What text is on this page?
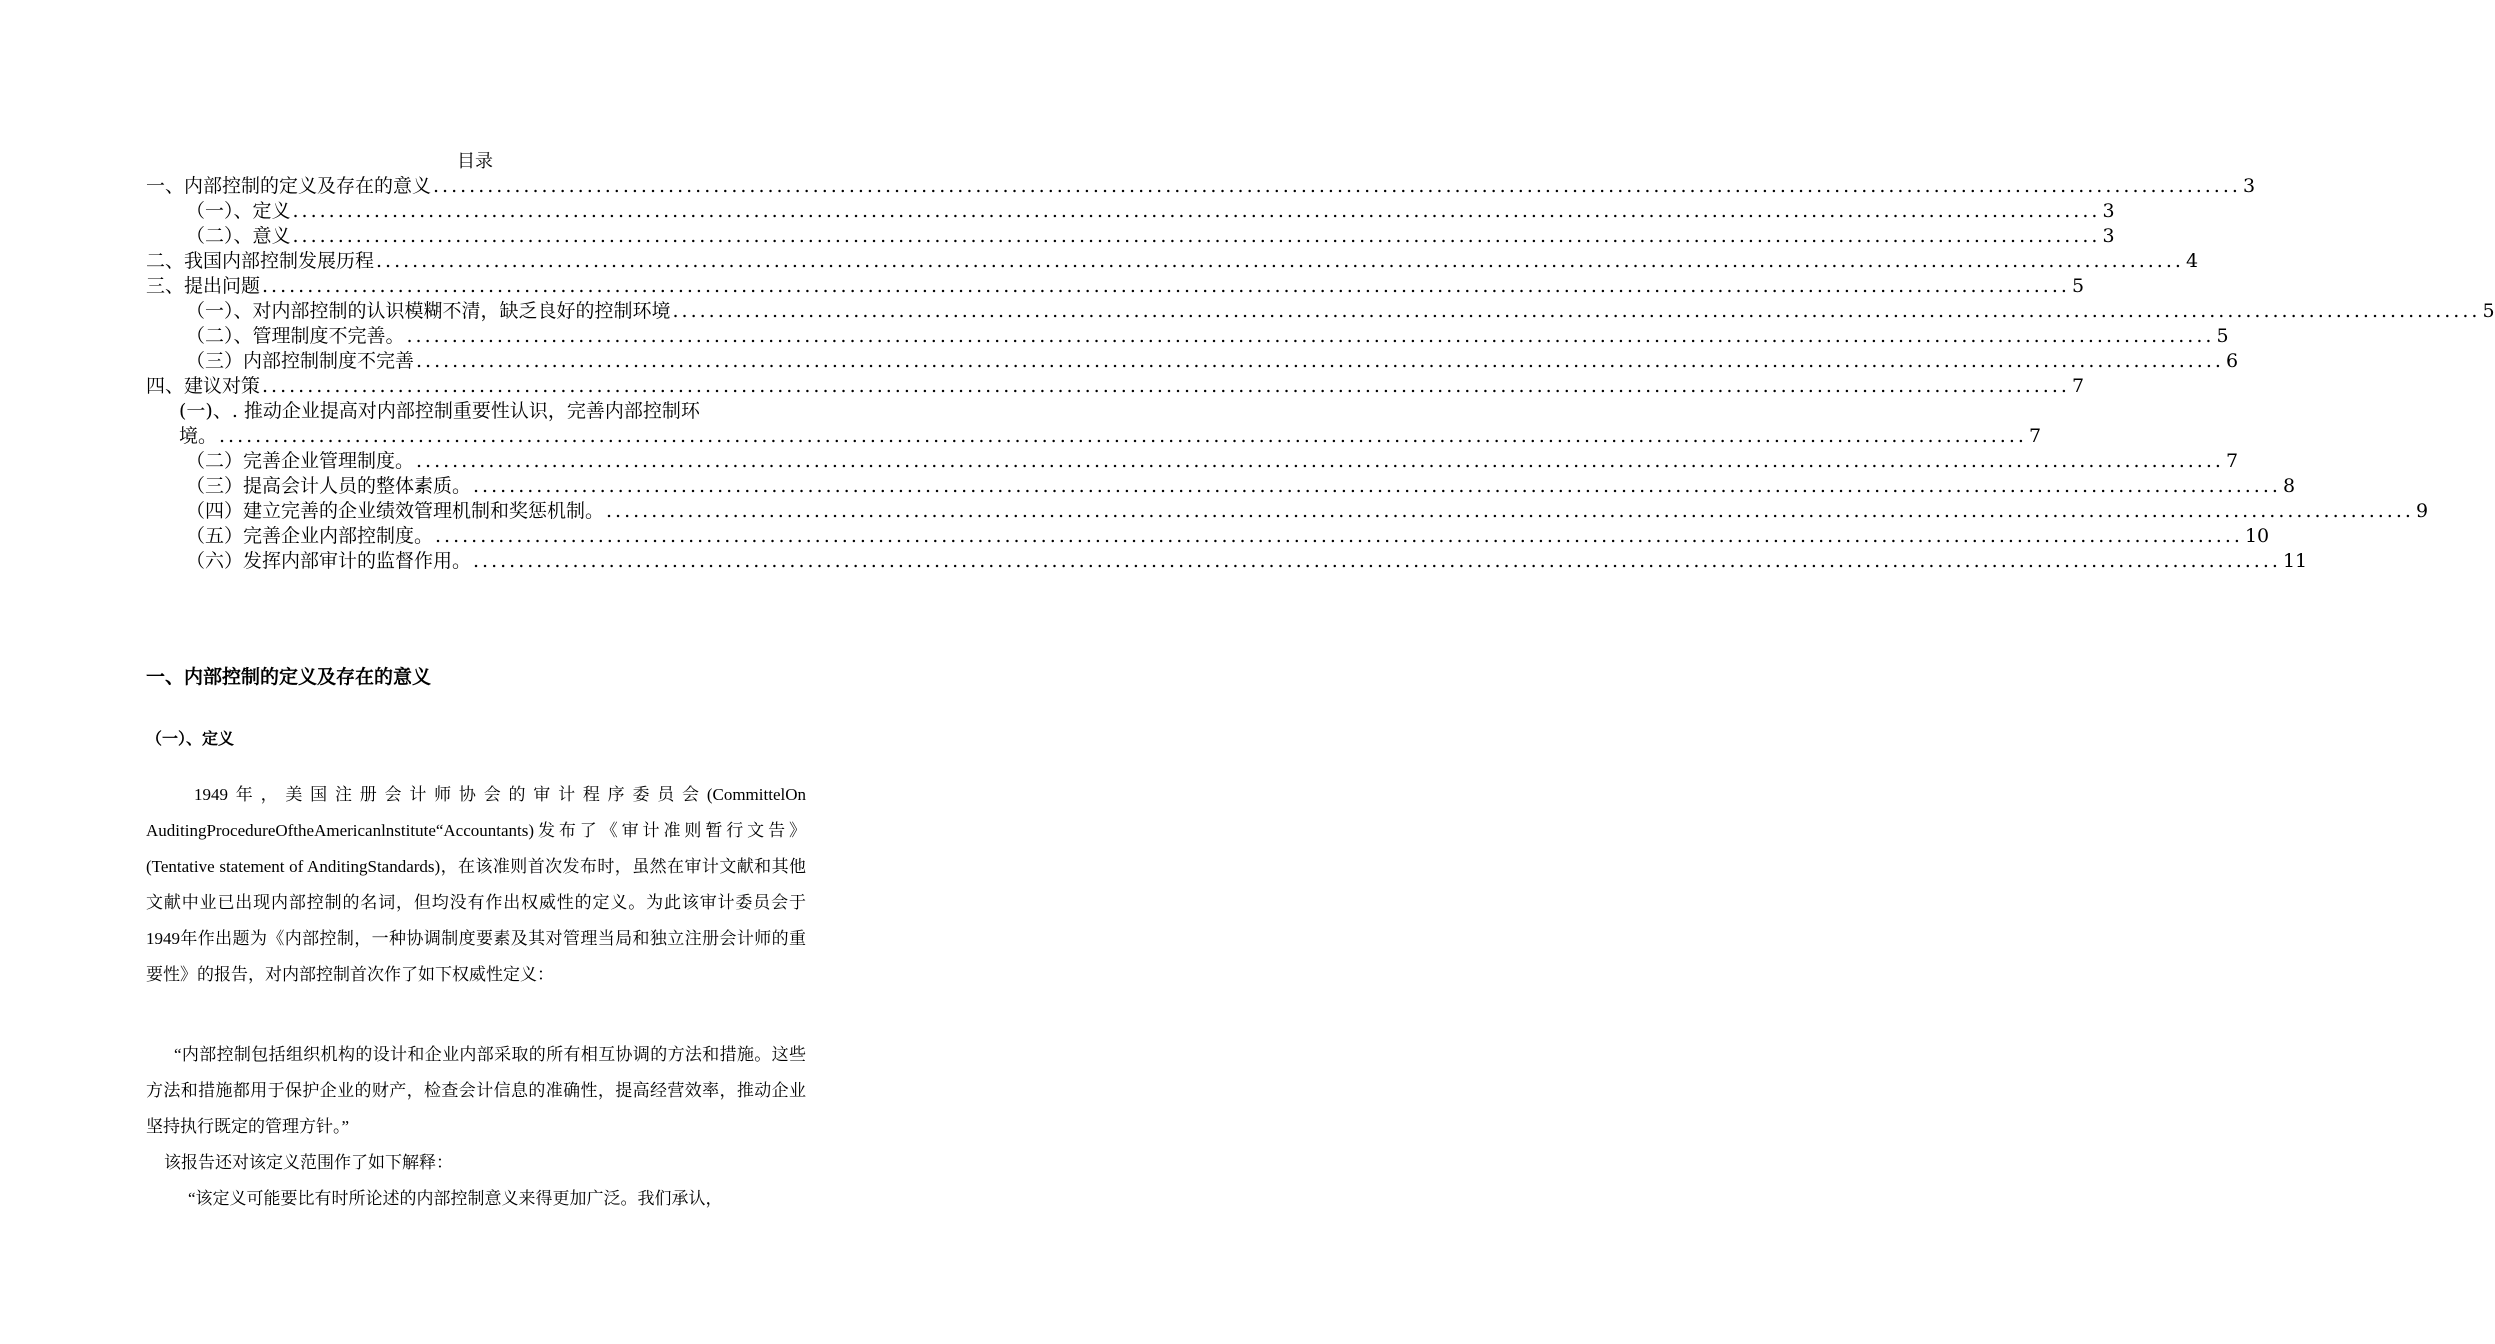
目录
一、内部控制的定义及存在的意义 ........................................................................................................................................................................................................ 3
（一）、定义 ........................................................................................................................................................................................................ 3
（二）、意义 ........................................................................................................................................................................................................ 3
二、我国内部控制发展历程 ........................................................................................................................................................................................................ 4
三、提出问题 ........................................................................................................................................................................................................ 5
（一）、对内部控制的认识模糊不清，缺乏良好的控制环境 ........................................................................................................................................................................................................ 5
（二）、管理制度不完善。 ........................................................................................................................................................................................................ 5
（三）内部控制制度不完善 ........................................................................................................................................................................................................ 6
四、建议对策 ........................................................................................................................................................................................................ 7
(一)、. 推动企业提高对内部控制重要性认识，完善内部控制环
境。 ........................................................................................................................................................................................................ 7
（二）完善企业管理制度。 ........................................................................................................................................................................................................ 7
（三）提高会计人员的整体素质。 ........................................................................................................................................................................................................ 8
（四）建立完善的企业绩效管理机制和奖惩机制。 ........................................................................................................................................................................................................ 9
（五）完善企业内部控制度。 ........................................................................................................................................................................................................ 10
（六）发挥内部审计的监督作用。 ........................................................................................................................................................................................................ 11
一、内部控制的定义及存在的意义
（一）、定义
1949年，美国注册会计师协会的审计程序委员会(CommittelOn AuditingProcedureOftheAmericanlnstitute“Accountants)发布了《审计准则暂行文告》(Tentative statement of AnditingStandards)，在该准则首次发布时，虽然在审计文献和其他文献中业已出现内部控制的名词，但均没有作出权威性的定义。为此该审计委员会于1949年作出题为《内部控制，一种协调制度要素及其对管理当局和独立注册会计师的重要性》的报告，对内部控制首次作了如下权威性定义：
“内部控制包括组织机构的设计和企业内部采取的所有相互协调的方法和措施。这些方法和措施都用于保护企业的财产，检查会计信息的准确性，提高经营效率，推动企业坚持执行既定的管理方针。”
该报告还对该定义范围作了如下解释：
“该定义可能要比有时所论述的内部控制意义来得更加广泛。我们承认，
